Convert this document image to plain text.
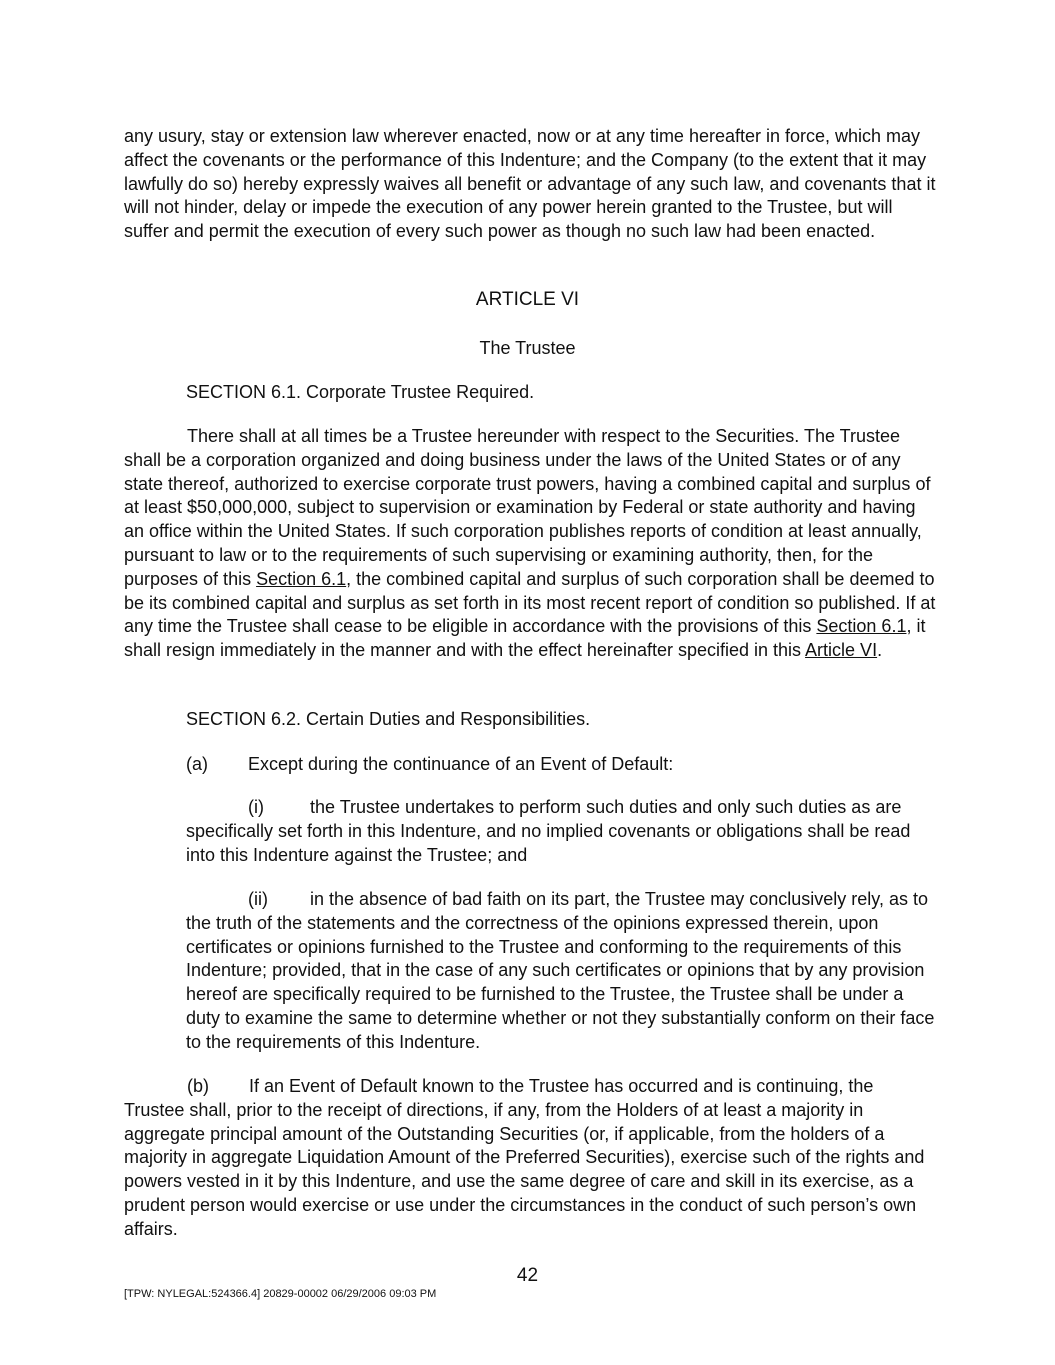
any usury, stay or extension law wherever enacted, now or at any time hereafter in force, which may affect the covenants or the performance of this Indenture; and the Company (to the extent that it may lawfully do so) hereby expressly waives all benefit or advantage of any such law, and covenants that it will not hinder, delay or impede the execution of any power herein granted to the Trustee, but will suffer and permit the execution of every such power as though no such law had been enacted.

ARTICLE VI

The Trustee

SECTION 6.1. Corporate Trustee Required.

There shall at all times be a Trustee hereunder with respect to the Securities. The Trustee shall be a corporation organized and doing business under the laws of the United States or of any state thereof, authorized to exercise corporate trust powers, having a combined capital and surplus of at least $50,000,000, subject to supervision or examination by Federal or state authority and having an office within the United States. If such corporation publishes reports of condition at least annually, pursuant to law or to the requirements of such supervising or examining authority, then, for the purposes of this Section 6.1, the combined capital and surplus of such corporation shall be deemed to be its combined capital and surplus as set forth in its most recent report of condition so published. If at any time the Trustee shall cease to be eligible in accordance with the provisions of this Section 6.1, it shall resign immediately in the manner and with the effect hereinafter specified in this Article VI.

SECTION 6.2. Certain Duties and Responsibilities.

(a) Except during the continuance of an Event of Default:

(i)	the Trustee undertakes to perform such duties and only such duties as are specifically set forth in this Indenture, and no implied covenants or obligations shall be read into this Indenture against the Trustee; and

(ii) in the absence of bad faith on its part, the Trustee may conclusively rely, as to the truth of the statements and the correctness of the opinions expressed therein, upon certificates or opinions furnished to the Trustee and conforming to the requirements of this Indenture; provided, that in the case of any such certificates or opinions that by any provision hereof are specifically required to be furnished to the Trustee, the Trustee shall be under a duty to examine the same to determine whether or not they substantially conform on their face to the requirements of this Indenture.

(b) If an Event of Default known to the Trustee has occurred and is continuing, the Trustee shall, prior to the receipt of directions, if any, from the Holders of at least a majority in aggregate principal amount of the Outstanding Securities (or, if applicable, from the holders of a majority in aggregate Liquidation Amount of the Preferred Securities), exercise such of the rights and powers vested in it by this Indenture, and use the same degree of care and skill in its exercise, as a prudent person would exercise or use under the circumstances in the conduct of such person’s own affairs.

42

[TPW: NYLEGAL:524366.4] 20829-00002 06/29/2006 09:03 PM
